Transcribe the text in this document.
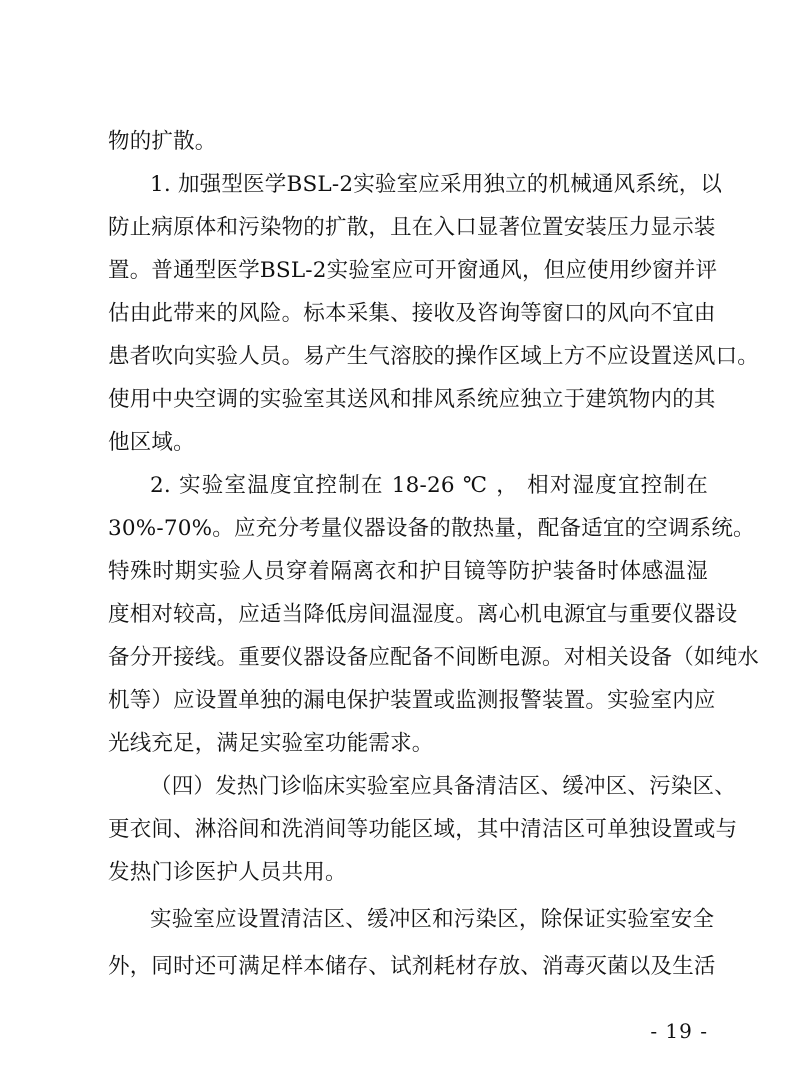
物的扩散。
1. 加强型医学BSL-2实验室应采用独立的机械通风系统，以
防止病原体和污染物的扩散，且在入口显著位置安装压力显示装
置。普通型医学BSL-2实验室应可开窗通风，但应使用纱窗并评
估由此带来的风险。标本采集、接收及咨询等窗口的风向不宜由
患者吹向实验人员。易产生气溶胶的操作区域上方不应设置送风口。
使用中央空调的实验室其送风和排风系统应独立于建筑物内的其
他区域。
2. 实验室温度宜控制在 18-26 ℃ ， 相对湿度宜控制在
30%-70%。应充分考量仪器设备的散热量，配备适宜的空调系统。
特殊时期实验人员穿着隔离衣和护目镜等防护装备时体感温湿
度相对较高，应适当降低房间温湿度。离心机电源宜与重要仪器设
备分开接线。重要仪器设备应配备不间断电源。对相关设备（如纯水
机等）应设置单独的漏电保护装置或监测报警装置。实验室内应
光线充足，满足实验室功能需求。
（四）发热门诊临床实验室应具备清洁区、缓冲区、污染区、
更衣间、淋浴间和洗消间等功能区域，其中清洁区可单独设置或与
发热门诊医护人员共用。
实验室应设置清洁区、缓冲区和污染区，除保证实验室安全
- 19 -
外，同时还可满足样本储存、试剂耗材存放、消毒灭菌以及生活
